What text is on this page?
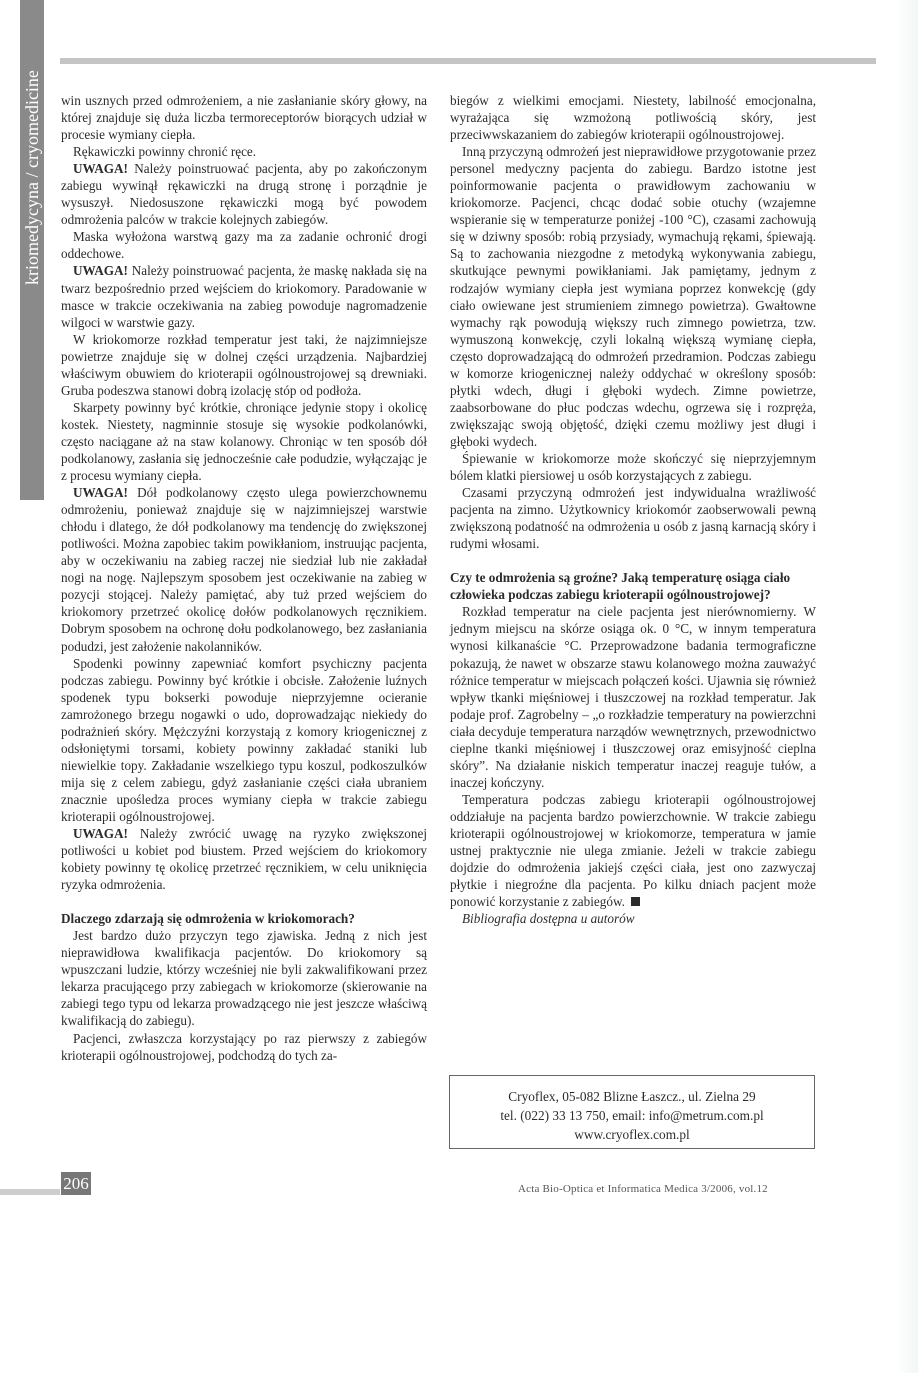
kriomedycyna / cryomedicine win usznych przed odmrożeniem, a nie zasłanianie skóry głowy, na której znajduje się duża liczba termoreceptorów biorących udział w procesie wymiany ciepła.

Rękawiczki powinny chronić ręce.

UWAGA! Należy poinstruować pacjenta, aby po zakończonym zabiegu wywinął rękawiczki na drugą stronę i porządnie je wysuszył. Niedosuszone rękawiczki mogą być powodem odmrożenia palców w trakcie kolejnych zabiegów.

Maska wyłożona warstwą gazy ma za zadanie ochronić drogi oddechowe.

UWAGA! Należy poinstruować pacjenta, że maskę nakłada się na twarz bezpośrednio przed wejściem do kriokomory. Paradowanie w masce w trakcie oczekiwania na zabieg powoduje nagromadzenie wilgoci w warstwie gazy.

W kriokomorze rozkład temperatur jest taki, że najzimniejsze powietrze znajduje się w dolnej części urządzenia. Najbardziej właściwym obuwiem do krioterapii ogólnoustrojowej są drewniaki. Gruba podeszwa stanowi dobrą izolację stóp od podłoża.

Skarpety powinny być krótkie, chroniące jedynie stopy i okolicę kostek. Niestety, nagminnie stosuje się wysokie podkolanówki, często naciągane aż na staw kolanowy. Chroniąc w ten sposób dół podkolanowy, zasłania się jednocześnie całe podudzie, wyłączając je z procesu wymiany ciepła.

UWAGA! Dół podkolanowy często ulega powierzchownemu odmrożeniu, ponieważ znajduje się w najzimniejszej warstwie chłodu i dlatego, że dół podkolanowy ma tendencję do zwiększonej potliwości. Można zapobiec takim powikłaniom, instruując pacjenta, aby w oczekiwaniu na zabieg raczej nie siedział lub nie zakładał nogi na nogę. Najlepszym sposobem jest oczekiwanie na zabieg w pozycji stojącej. Należy pamiętać, aby tuż przed wejściem do kriokomory przetrzeć okolicę dołów podkolanowych ręcznikiem. Dobrym sposobem na ochronę dołu podkolanowego, bez zasłaniania podudzi, jest założenie nakolanników.

Spodenki powinny zapewniać komfort psychiczny pacjenta podczas zabiegu. Powinny być krótkie i obcisłe. Założenie luźnych spodenek typu bokserki powoduje nieprzyjemne ocieranie zamrożonego brzegu nogawki o udo, doprowadzając niekiedy do podrażnień skóry. Mężczyźni korzystają z komory kriogenicznej z odsłoniętymi torsami, kobiety powinny zakładać staniki lub niewielkie topy. Zakładanie wszelkiego typu koszul, podkoszulków mija się z celem zabiegu, gdyż zasłanianie części ciała ubraniem znacznie upośledza proces wymiany ciepła w trakcie zabiegu krioterapii ogólnoustrojowej.

UWAGA! Należy zwrócić uwagę na ryzyko zwiększonej potliwości u kobiet pod biustem. Przed wejściem do kriokomory kobiety powinny tę okolicę przetrzeć ręcznikiem, w celu uniknięcia ryzyka odmrożenia.

Dlaczego zdarzają się odmrożenia w kriokomorach?

Jest bardzo dużo przyczyn tego zjawiska. Jedną z nich jest nieprawidłowa kwalifikacja pacjentów. Do kriokomory są wpuszczani ludzie, którzy wcześniej nie byli zakwalifikowani przez lekarza pracującego przy zabiegach w kriokomorze (skierowanie na zabiegi tego typu od lekarza prowadzącego nie jest jeszcze właściwą kwalifikacją do zabiegu).

Pacjenci, zwłaszcza korzystający po raz pierwszy z zabiegów krioterapii ogólnoustrojowej, podchodzą do tych za-

biegów z wielkimi emocjami. Niestety, labilność emocjonalna, wyrażająca się wzmożoną potliwością skóry, jest przeciwwskazaniem do zabiegów krioterapii ogólnoustrojowej.

Inną przyczyną odmrożeń jest nieprawidłowe przygotowanie przez personel medyczny pacjenta do zabiegu. Bardzo istotne jest poinformowanie pacjenta o prawidłowym zachowaniu w kriokomorze. Pacjenci, chcąc dodać sobie otuchy (wzajemne wspieranie się w temperaturze poniżej -100 °C), czasami zachowują się w dziwny sposób: robią przysiady, wymachują rękami, śpiewają. Są to zachowania niezgodne z metodyką wykonywania zabiegu, skutkujące pewnymi powikłaniami. Jak pamiętamy, jednym z rodzajów wymiany ciepła jest wymiana poprzez konwekcję (gdy ciało owiewane jest strumieniem zimnego powietrza). Gwałtowne wymachy rąk powodują większy ruch zimnego powietrza, tzw. wymuszoną konwekcję, czyli lokalną większą wymianę ciepła, często doprowadzającą do odmrożeń przedramion. Podczas zabiegu w komorze kriogenicznej należy oddychać w określony sposób: płytki wdech, długi i głęboki wydech. Zimne powietrze, zaabsorbowane do płuc podczas wdechu, ogrzewa się i rozpręża, zwiększając swoją objętość, dzięki czemu możliwy jest długi i głęboki wydech.

Śpiewanie w kriokomorze może skończyć się nieprzyjemnym bólem klatki piersiowej u osób korzystających z zabiegu.

Czasami przyczyną odmrożeń jest indywidualna wrażliwość pacjenta na zimno. Użytkownicy kriokomór zaobserwowali pewną zwiększoną podatność na odmrożenia u osób z jasną karnacją skóry i rudymi włosami.

Czy te odmrożenia są groźne? Jaką temperaturę osiąga ciało człowieka podczas zabiegu krioterapii ogólnoustrojowej?

Rozkład temperatur na ciele pacjenta jest nierównomierny. W jednym miejscu na skórze osiąga ok. 0 °C, w innym temperatura wynosi kilkanaście °C. Przeprowadzone badania termograficzne pokazują, że nawet w obszarze stawu kolanowego można zauważyć różnice temperatur w miejscach połączeń kości. Ujawnia się również wpływ tkanki mięśniowej i tłuszczowej na rozkład temperatur. Jak podaje prof. Zagrobelny – „o rozkładzie temperatury na powierzchni ciała decyduje temperatura narządów wewnętrznych, przewodnictwo cieplne tkanki mięśniowej i tłuszczowej oraz emisyjność cieplna skóry”. Na działanie niskich temperatur inaczej reaguje tułów, a inaczej kończyny.

Temperatura podczas zabiegu krioterapii ogólnoustrojowej oddziałuje na pacjenta bardzo powierzchownie. W trakcie zabiegu krioterapii ogólnoustrojowej w kriokomorze, temperatura w jamie ustnej praktycznie nie ulega zmianie. Jeżeli w trakcie zabiegu dojdzie do odmrożenia jakiejś części ciała, jest ono zazwyczaj płytkie i niegroźne dla pacjenta. Po kilku dniach pacjent może ponowić korzystanie z zabiegów.

Bibliografia dostępna u autorów

Cryoflex, 05-082 Blizne Łaszcz., ul. Zielna 29
tel. (022) 33 13 750, email: info@metrum.com.pl
www.cryoflex.com.pl
206	Acta Bio-Optica et Informatica Medica 3/2006, vol.12
